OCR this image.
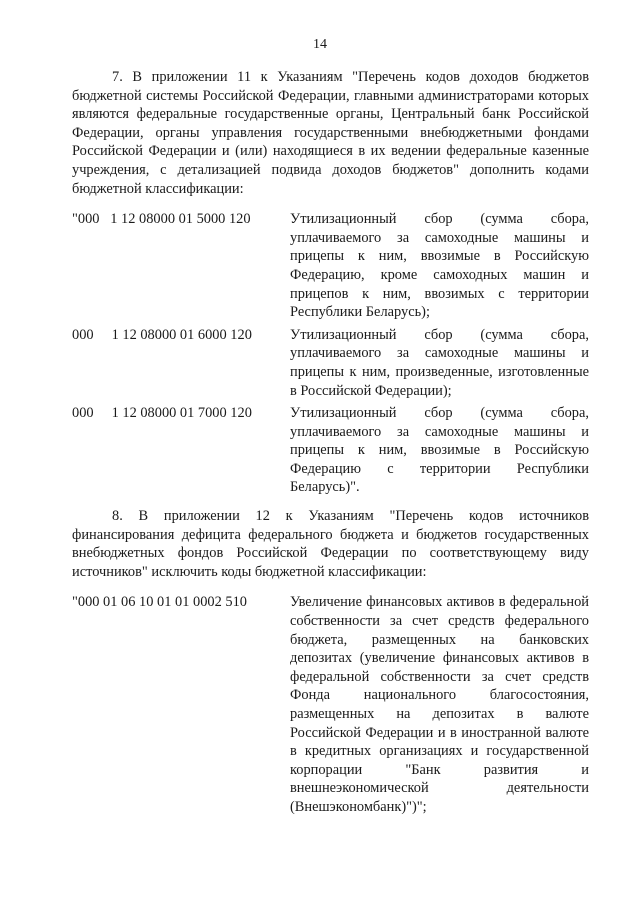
14

7. В приложении 11 к Указаниям "Перечень кодов доходов бюджетов бюджетной системы Российской Федерации, главными администраторами которых являются федеральные государственные органы, Центральный банк Российской Федерации, органы управления государственными внебюджетными фондами Российской Федерации и (или) находящиеся в их ведении федеральные казенные учреждения, с детализацией подвида доходов бюджетов" дополнить кодами бюджетной классификации:

"000   1 12 08000 01 5000 120	Утилизационный сбор (сумма сбора, уплачиваемого за самоходные машины и прицепы к ним, ввозимые в Российскую Федерацию, кроме самоходных машин и прицепов к ним, ввозимых с территории Республики Беларусь);
000     1 12 08000 01 6000 120	Утилизационный сбор (сумма сбора, уплачиваемого за самоходные машины и прицепы к ним, произведенные, изготовленные в Российской Федерации);
000     1 12 08000 01 7000 120	Утилизационный сбор (сумма сбора, уплачиваемого за самоходные машины и прицепы к ним, ввозимые в Российскую Федерацию с территории Республики Беларусь)".

8. В приложении 12 к Указаниям "Перечень кодов источников финансирования дефицита федерального бюджета и бюджетов государственных внебюджетных фондов Российской Федерации по соответствующему виду источников" исключить коды бюджетной классификации:

"000 01 06 10 01 01 0002 510	Увеличение финансовых активов в федеральной собственности за счет средств федерального бюджета, размещенных на банковских депозитах (увеличение финансовых активов в федеральной собственности за счет средств Фонда национального благосостояния, размещенных на депозитах в валюте Российской Федерации и в иностранной валюте в кредитных организациях и государственной корпорации "Банк развития и внешнеэкономической деятельности (Внешэкономбанк)")";
